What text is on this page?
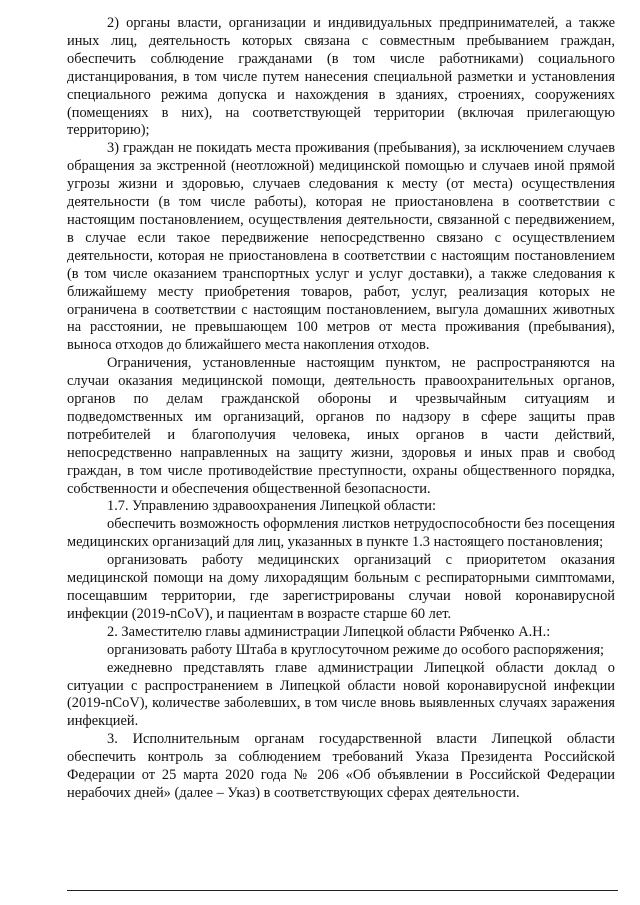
2) органы власти, организации и индивидуальных предпринимателей, а также иных лиц, деятельность которых связана с совместным пребыванием граждан, обеспечить соблюдение гражданами (в том числе работниками) социального дистанцирования, в том числе путем нанесения специальной разметки и установления специального режима допуска и нахождения в зданиях, строениях, сооружениях (помещениях в них), на соответствующей территории (включая прилегающую территорию);

3) граждан не покидать места проживания (пребывания), за исключением случаев обращения за экстренной (неотложной) медицинской помощью и случаев иной прямой угрозы жизни и здоровью, случаев следования к месту (от места) осуществления деятельности (в том числе работы), которая не приостановлена в соответствии с настоящим постановлением, осуществления деятельности, связанной с передвижением, в случае если такое передвижение непосредственно связано с осуществлением деятельности, которая не приостановлена в соответствии с настоящим постановлением (в том числе оказанием транспортных услуг и услуг доставки), а также следования к ближайшему месту приобретения товаров, работ, услуг, реализация которых не ограничена в соответствии с настоящим постановлением, выгула домашних животных на расстоянии, не превышающем 100 метров от места проживания (пребывания), выноса отходов до ближайшего места накопления отходов.

Ограничения, установленные настоящим пунктом, не распространяются на случаи оказания медицинской помощи, деятельность правоохранительных органов, органов по делам гражданской обороны и чрезвычайным ситуациям и подведомственных им организаций, органов по надзору в сфере защиты прав потребителей и благополучия человека, иных органов в части действий, непосредственно направленных на защиту жизни, здоровья и иных прав и свобод граждан, в том числе противодействие преступности, охраны общественного порядка, собственности и обеспечения общественной безопасности.

1.7. Управлению здравоохранения Липецкой области:

обеспечить возможность оформления листков нетрудоспособности без посещения медицинских организаций для лиц, указанных в пункте 1.3 настоящего постановления;

организовать работу медицинских организаций с приоритетом оказания медицинской помощи на дому лихорадящим больным с респираторными симптомами, посещавшим территории, где зарегистрированы случаи новой коронавирусной инфекции (2019-nCoV), и пациентам в возрасте старше 60 лет.

2. Заместителю главы администрации Липецкой области Рябченко А.Н.:

организовать работу Штаба в круглосуточном режиме до особого распоряжения;

ежедневно представлять главе администрации Липецкой области доклад о ситуации с распространением в Липецкой области новой коронавирусной инфекции (2019-nCoV), количестве заболевших, в том числе вновь выявленных случаях заражения инфекцией.

3. Исполнительным органам государственной власти Липецкой области обеспечить контроль за соблюдением требований Указа Президента Российской Федерации от 25 марта 2020 года № 206 «Об объявлении в Российской Федерации нерабочих дней» (далее – Указ) в соответствующих сферах деятельности.
